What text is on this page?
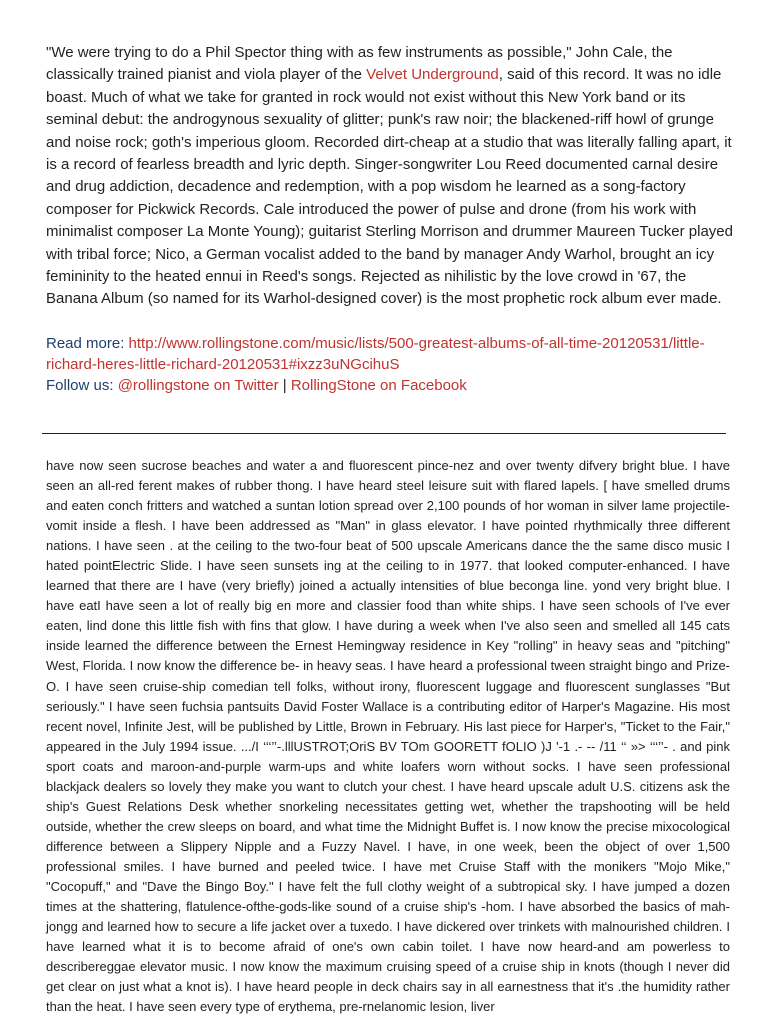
"We were trying to do a Phil Spector thing with as few instruments as possible," John Cale, the classically trained pianist and viola player of the Velvet Underground, said of this record. It was no idle boast. Much of what we take for granted in rock would not exist without this New York band or its seminal debut: the androgynous sexuality of glitter; punk's raw noir; the blackened-riff howl of grunge and noise rock; goth's imperious gloom. Recorded dirt-cheap at a studio that was literally falling apart, it is a record of fearless breadth and lyric depth. Singer-songwriter Lou Reed documented carnal desire and drug addiction, decadence and redemption, with a pop wisdom he learned as a song-factory composer for Pickwick Records. Cale introduced the power of pulse and drone (from his work with minimalist composer La Monte Young); guitarist Sterling Morrison and drummer Maureen Tucker played with tribal force; Nico, a German vocalist added to the band by manager Andy Warhol, brought an icy femininity to the heated ennui in Reed's songs. Rejected as nihilistic by the love crowd in '67, the Banana Album (so named for its Warhol-designed cover) is the most prophetic rock album ever made.

Read more: http://www.rollingstone.com/music/lists/500-greatest-albums-of-all-time-20120531/little-richard-heres-little-richard-20120531#ixzz3uNGcihuS

Follow us: @rollingstone on Twitter | RollingStone on Facebook

have now seen sucrose beaches and water a and fluorescent pince-nez and over twenty difvery bright blue. I have seen an all-red ferent makes of rubber thong. I have heard steel leisure suit with flared lapels. [ have smelled drums and eaten conch fritters and watched a suntan lotion spread over 2,100 pounds of hor woman in silver lame projectile-vomit inside a flesh. I have been addressed as "Man" in glass elevator. I have pointed rhythmically three different nations. I have seen . at the ceiling to the two-four beat of 500 upscale Americans dance the the same disco music I hated pointElectric Slide. I have seen sunsets ing at the ceiling to in 1977. that looked computer-enhanced. I have learned that there are I have (very briefly) joined a actually intensities of blue beconga line. yond very bright blue. I have eatI have seen a lot of really big en more and classier food than white ships. I have seen schools of I've ever eaten, lind done this little fish with fins that glow. I have during a week when I've also seen and smelled all 145 cats inside learned the difference between the Ernest Hemingway residence in Key "rolling" in heavy seas and "pitching" West, Florida. I now know the difference be- in heavy seas. I have heard a professional tween straight bingo and Prize-O. I have seen cruise-ship comedian tell folks, without irony, fluorescent luggage and fluorescent sunglasses "But seriously." I have seen fuchsia pantsuits David Foster Wallace is a contributing editor of Harper's Magazine. His most recent novel, Infinite Jest, will be published by Little, Brown in February. His last piece for Harper's, "Ticket to the Fair," appeared in the July 1994 issue. .../I ‘‘‘’’-.lllUSTROT;OriS BV TOm GOORETT fOLIO )J '-1 .- -- /11 ‘‘ »> ‘‘‘’’- . and pink sport coats and maroon-and-purple warm-ups and white loafers worn without socks. I have seen professional blackjack dealers so lovely they make you want to clutch your chest. I have heard upscale adult U.S. citizens ask the ship's Guest Relations Desk whether snorkeling necessitates getting wet, whether the trapshooting will be held outside, whether the crew sleeps on board, and what time the Midnight Buffet is. I now know the precise mixocological difference between a Slippery Nipple and a Fuzzy Navel. I have, in one week, been the object of over 1,500 professional smiles. I have burned and peeled twice. I have met Cruise Staff with the monikers "Mojo Mike," "Cocopuff," and "Dave the Bingo Boy." I have felt the full clothy weight of a subtropical sky. I have jumped a dozen times at the shattering, flatulence-ofthe-gods-like sound of a cruise ship's -hom. I have absorbed the basics of mah-jongg and learned how to secure a life jacket over a tuxedo. I have dickered over trinkets with malnourished children. I have learned what it is to become afraid of one's own cabin toilet. I have now heard-and am powerless to describereggae elevator music. I now know the maximum cruising speed of a cruise ship in knots (though I never did get clear on just what a knot is). I have heard people in deck chairs say in all earnestness that it's .the humidity rather than the heat. I have seen every type of erythema, pre-rnelanomic lesion, liver
